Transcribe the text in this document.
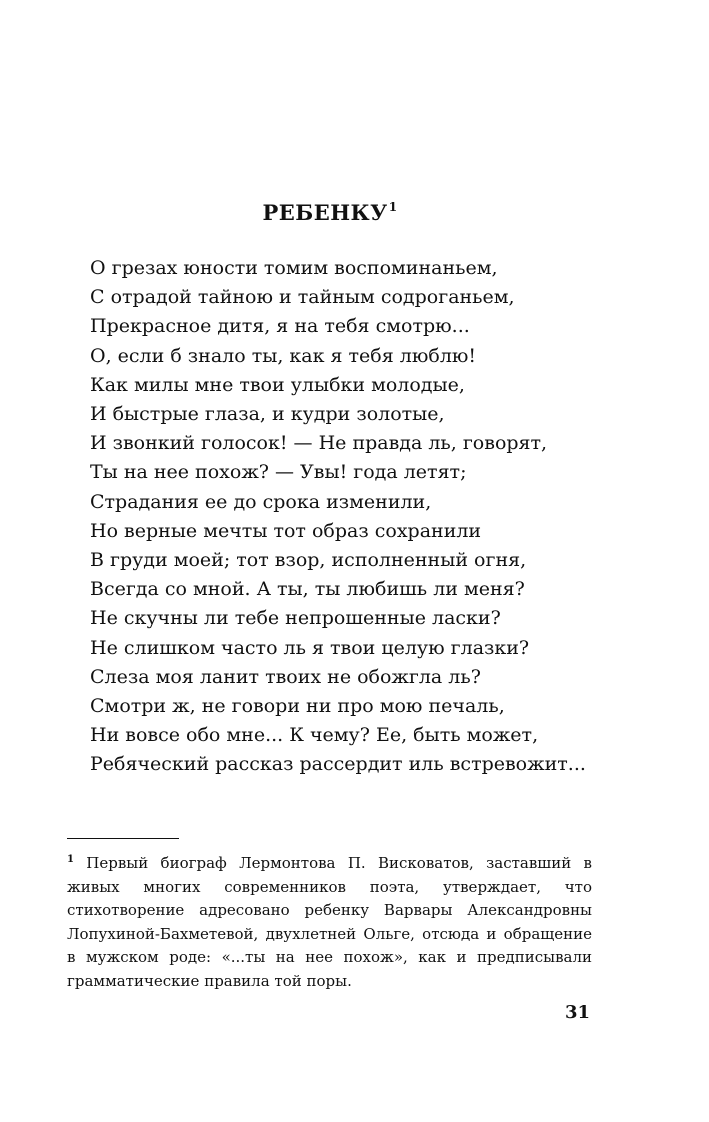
РЕБЕНКУ$^1$
О грезах юности томим воспоминаньем,
С отрадой тайною и тайным содроганьем,
Прекрасное дитя, я на тебя смотрю...
О, если б знало ты, как я тебя люблю!
Как милы мне твои улыбки молодые,
И быстрые глаза, и кудри золотые,
И звонкий голосок! — Не правда ль, говорят,
Ты на нее похож? — Увы! года летят;
Страдания ее до срока изменили,
Но верные мечты тот образ сохранили
В груди моей; тот взор, исполненный огня,
Всегда со мной. А ты, ты любишь ли меня?
Не скучны ли тебе непрошенные ласки?
Не слишком часто ль я твои целую глазки?
Слеза моя ланит твоих не обожгла ль?
Смотри ж, не говори ни про мою печаль,
Ни вовсе обо мне... К чему? Ее, быть может,
Ребяческий рассказ рассердит иль встревожит...
$^1$ Первый биограф Лермонтова П. Висковатов, заставший в живых многих современников поэта, утверждает, что стихотворение адресовано ребенку Варвары Александровны Лопухиной-Бахметевой, двухлетней Ольге, отсюда и обращение в мужском роде: «...ты на нее похож», как и предписывали грамматические правила той поры.
31
